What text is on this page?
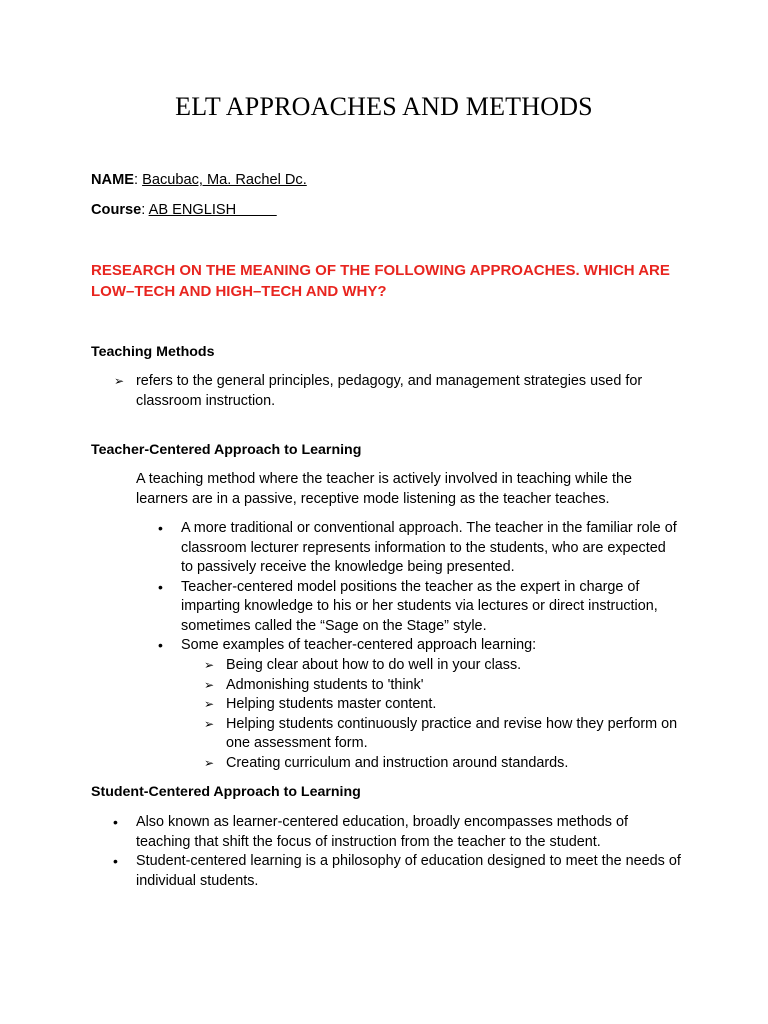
ELT APPROACHES AND METHODS

NAME: Bacubac, Ma. Rachel Dc.

Course: AB ENGLISH

RESEARCH ON THE MEANING OF THE FOLLOWING APPROACHES. WHICH ARE LOW–TECH AND HIGH–TECH AND WHY?

Teaching Methods
➢ refers to the general principles, pedagogy, and management strategies used for classroom instruction.
Teacher-Centered Approach to Learning

A teaching method where the teacher is actively involved in teaching while the learners are in a passive, receptive mode listening as the teacher teaches.

• A more traditional or conventional approach. The teacher in the familiar role of classroom lecturer represents information to the students, who are expected to passively receive the knowledge being presented.
• Teacher-centered model positions the teacher as the expert in charge of imparting knowledge to his or her students via lectures or direct instruction, sometimes called the “Sage on the Stage” style.
• Some examples of teacher-centered approach learning:
➢ Being clear about how to do well in your class.
➢ Admonishing students to 'think'
➢ Helping students master content.
➢ Helping students continuously practice and revise how they perform on one assessment form.
➢ Creating curriculum and instruction around standards.
Student-Centered Approach to Learning
• Also known as learner-centered education, broadly encompasses methods of teaching that shift the focus of instruction from the teacher to the student.
• Student-centered learning is a philosophy of education designed to meet the needs of individual students.
